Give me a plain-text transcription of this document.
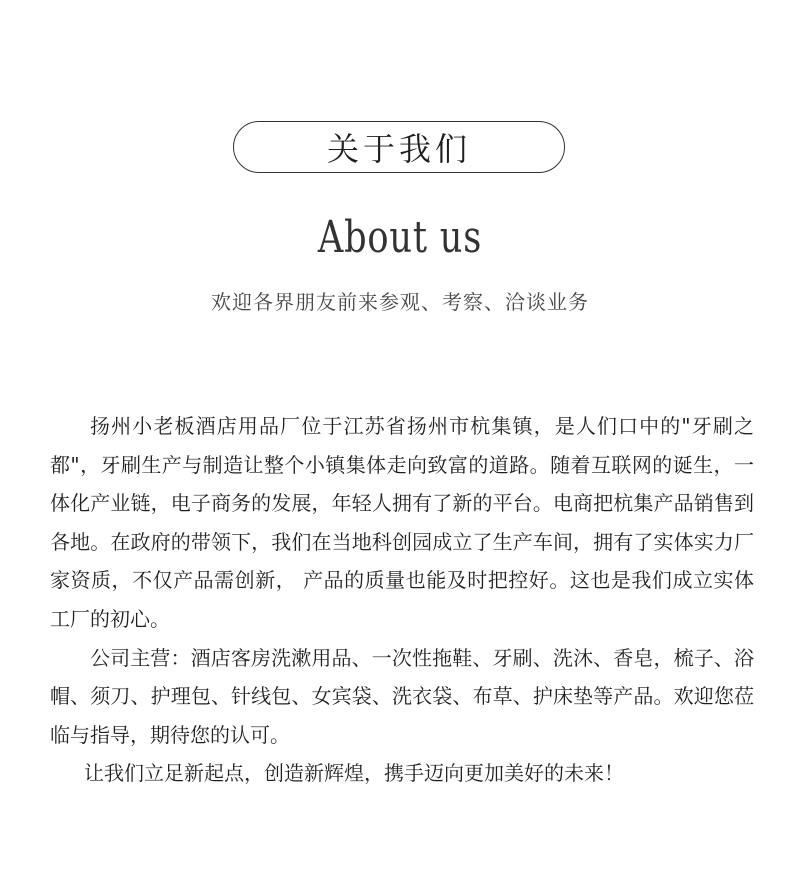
关于我们
About us
欢迎各界朋友前来参观、考察、洽谈业务

扬州小老板酒店用品厂位于江苏省扬州市杭集镇，是人们口中的"牙刷之都"，牙刷生产与制造让整个小镇集体走向致富的道路。随着互联网的诞生，一体化产业链，电子商务的发展，年轻人拥有了新的平台。电商把杭集产品销售到各地。在政府的带领下，我们在当地科创园成立了生产车间，拥有了实体实力厂家资质，不仅产品需创新， 产品的质量也能及时把控好。这也是我们成立实体工厂的初心。

公司主营：酒店客房洗漱用品、一次性拖鞋、牙刷、洗沐、香皂，梳子、浴帽、须刀、护理包、针线包、女宾袋、洗衣袋、布草、护床垫等产品。欢迎您莅临与指导，期待您的认可。

让我们立足新起点，创造新辉煌，携手迈向更加美好的未来！
